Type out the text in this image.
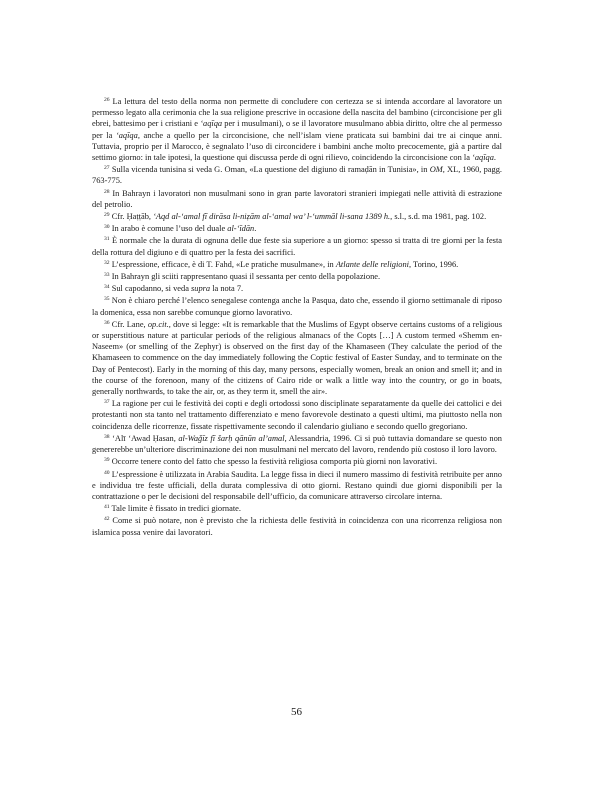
$^{26}$ La lettura del testo della norma non permette di concludere con certezza se si intenda accordare al lavoratore un permesso legato alla cerimonia che la sua religione prescrive in occasione della nascita del bambino (circoncisione per gli ebrei, battesimo per i cristiani e ‘aqīqa per i musulmani), o se il lavoratore musulmano abbia diritto, oltre che al permesso per la ‘aqīqa, anche a quello per la circoncisione, che nell’islam viene praticata sui bambini dai tre ai cinque anni. Tuttavia, proprio per il Marocco, è segnalato l’uso di circoncidere i bambini anche molto precocemente, già a partire dal settimo giorno: in tale ipotesi, la questione qui discussa perde di ogni rilievo, coincidendo la circoncisione con la ‘aqīqa.

$^{27}$ Sulla vicenda tunisina si veda G. Oman, «La questione del digiuno di ramaḍān in Tunisia», in OM, XL, 1960, pagg. 763-775.

$^{28}$ In Bahrayn i lavoratori non musulmani sono in gran parte lavoratori stranieri impiegati nelle attività di estrazione del petrolio.

$^{29}$ Cfr. Ḥaṭṭāb, ‘Aqd al-‘amal fī dirāsa li-niẓām al-‘amal wa’ l-‘ummāl li-sana 1389 h., s.l., s.d. ma 1981, pag. 102.

$^{30}$ In arabo è comune l’uso del duale al-‘īdān.

$^{31}$ È normale che la durata di ognuna delle due feste sia superiore a un giorno: spesso si tratta di tre giorni per la festa della rottura del digiuno e di quattro per la festa dei sacrifici.

$^{32}$ L’espressione, efficace, è di T. Fahd, «Le pratiche musulmane», in Atlante delle religioni, Torino, 1996.

$^{33}$ In Bahrayn gli sciiti rappresentano quasi il sessanta per cento della popolazione.

$^{34}$ Sul capodanno, si veda supra la nota 7.

$^{35}$ Non è chiaro perché l’elenco senegalese contenga anche la Pasqua, dato che, essendo il giorno settimanale di riposo la domenica, essa non sarebbe comunque giorno lavorativo.

$^{36}$ Cfr. Lane, op.cit., dove si legge: «It is remarkable that the Muslims of Egypt observe certains customs of a religious or superstitious nature at particular periods of the religious almanacs of the Copts […] A custom termed «Shemm en-Naseem» (or smelling of the Zephyr) is observed on the first day of the Khamaseen (They calculate the period of the Khamaseen to commence on the day immediately following the Coptic festival of Easter Sunday, and to terminate on the Day of Pentecost). Early in the morning of this day, many persons, especially women, break an onion and smell it; and in the course of the forenoon, many of the citizens of Cairo ride or walk a little way into the country, or go in boats, generally northwards, to take the air, or, as they term it, smell the air».

$^{37}$ La ragione per cui le festività dei copti e degli ortodossi sono disciplinate separatamente da quelle dei cattolici e dei protestanti non sta tanto nel trattamento differenziato e meno favorevole destinato a questi ultimi, ma piuttosto nella non coincidenza delle ricorrenze, fissate rispettivamente secondo il calendario giuliano e secondo quello gregoriano.

$^{38}$ ‘Alī ‘Awad Ḥasan, al-Waǧīz fī šarḥ qānūn al’amal, Alessandria, 1996. Ci si può tuttavia domandare se questo non genererebbe un’ulteriore discriminazione dei non musulmani nel mercato del lavoro, rendendo più costoso il loro lavoro.

$^{39}$ Occorre tenere conto del fatto che spesso la festività religiosa comporta più giorni non lavorativi.

$^{40}$ L’espressione è utilizzata in Arabia Saudita. La legge fissa in dieci il numero massimo di festività retribuite per anno e individua tre feste ufficiali, della durata complessiva di otto giorni. Restano quindi due giorni disponibili per la contrattazione o per le decisioni del responsabile dell’ufficio, da comunicare attraverso circolare interna.

$^{41}$ Tale limite è fissato in tredici giornate.

$^{42}$ Come si può notare, non è previsto che la richiesta delle festività in coincidenza con una ricorrenza religiosa non islamica possa venire dai lavoratori.

56
